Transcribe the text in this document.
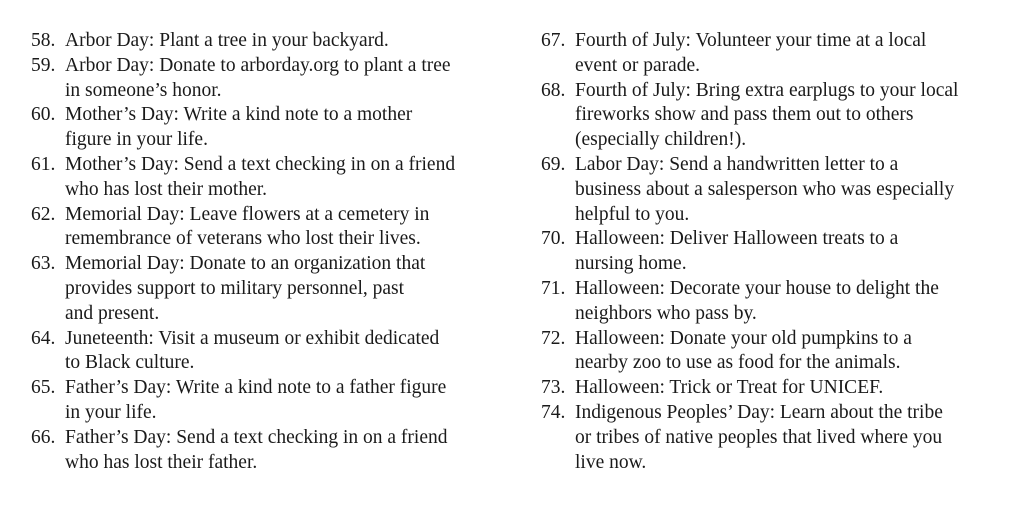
58. Arbor Day: Plant a tree in your backyard.
59. Arbor Day: Donate to arborday.org to plant a tree
in someone’s honor.
60. Mother’s Day: Write a kind note to a mother
figure in your life.
61. Mother’s Day: Send a text checking in on a friend
who has lost their mother.
62. Memorial Day: Leave flowers at a cemetery in
remembrance of veterans who lost their lives.
63. Memorial Day: Donate to an organization that
provides support to military personnel, past
and present.
64. Juneteenth: Visit a museum or exhibit dedicated
to Black culture.
65. Father’s Day: Write a kind note to a father figure
in your life.
66. Father’s Day: Send a text checking in on a friend
who has lost their father.
67. Fourth of July: Volunteer your time at a local
event or parade.
68. Fourth of July: Bring extra earplugs to your local
fireworks show and pass them out to others
(especially children!).
69. Labor Day: Send a handwritten letter to a
business about a salesperson who was especially
helpful to you.
70. Halloween: Deliver Halloween treats to a
nursing home.
71. Halloween: Decorate your house to delight the
neighbors who pass by.
72. Halloween: Donate your old pumpkins to a
nearby zoo to use as food for the animals.
73. Halloween: Trick or Treat for UNICEF.
74. Indigenous Peoples’ Day: Learn about the tribe
or tribes of native peoples that lived where you
live now.
